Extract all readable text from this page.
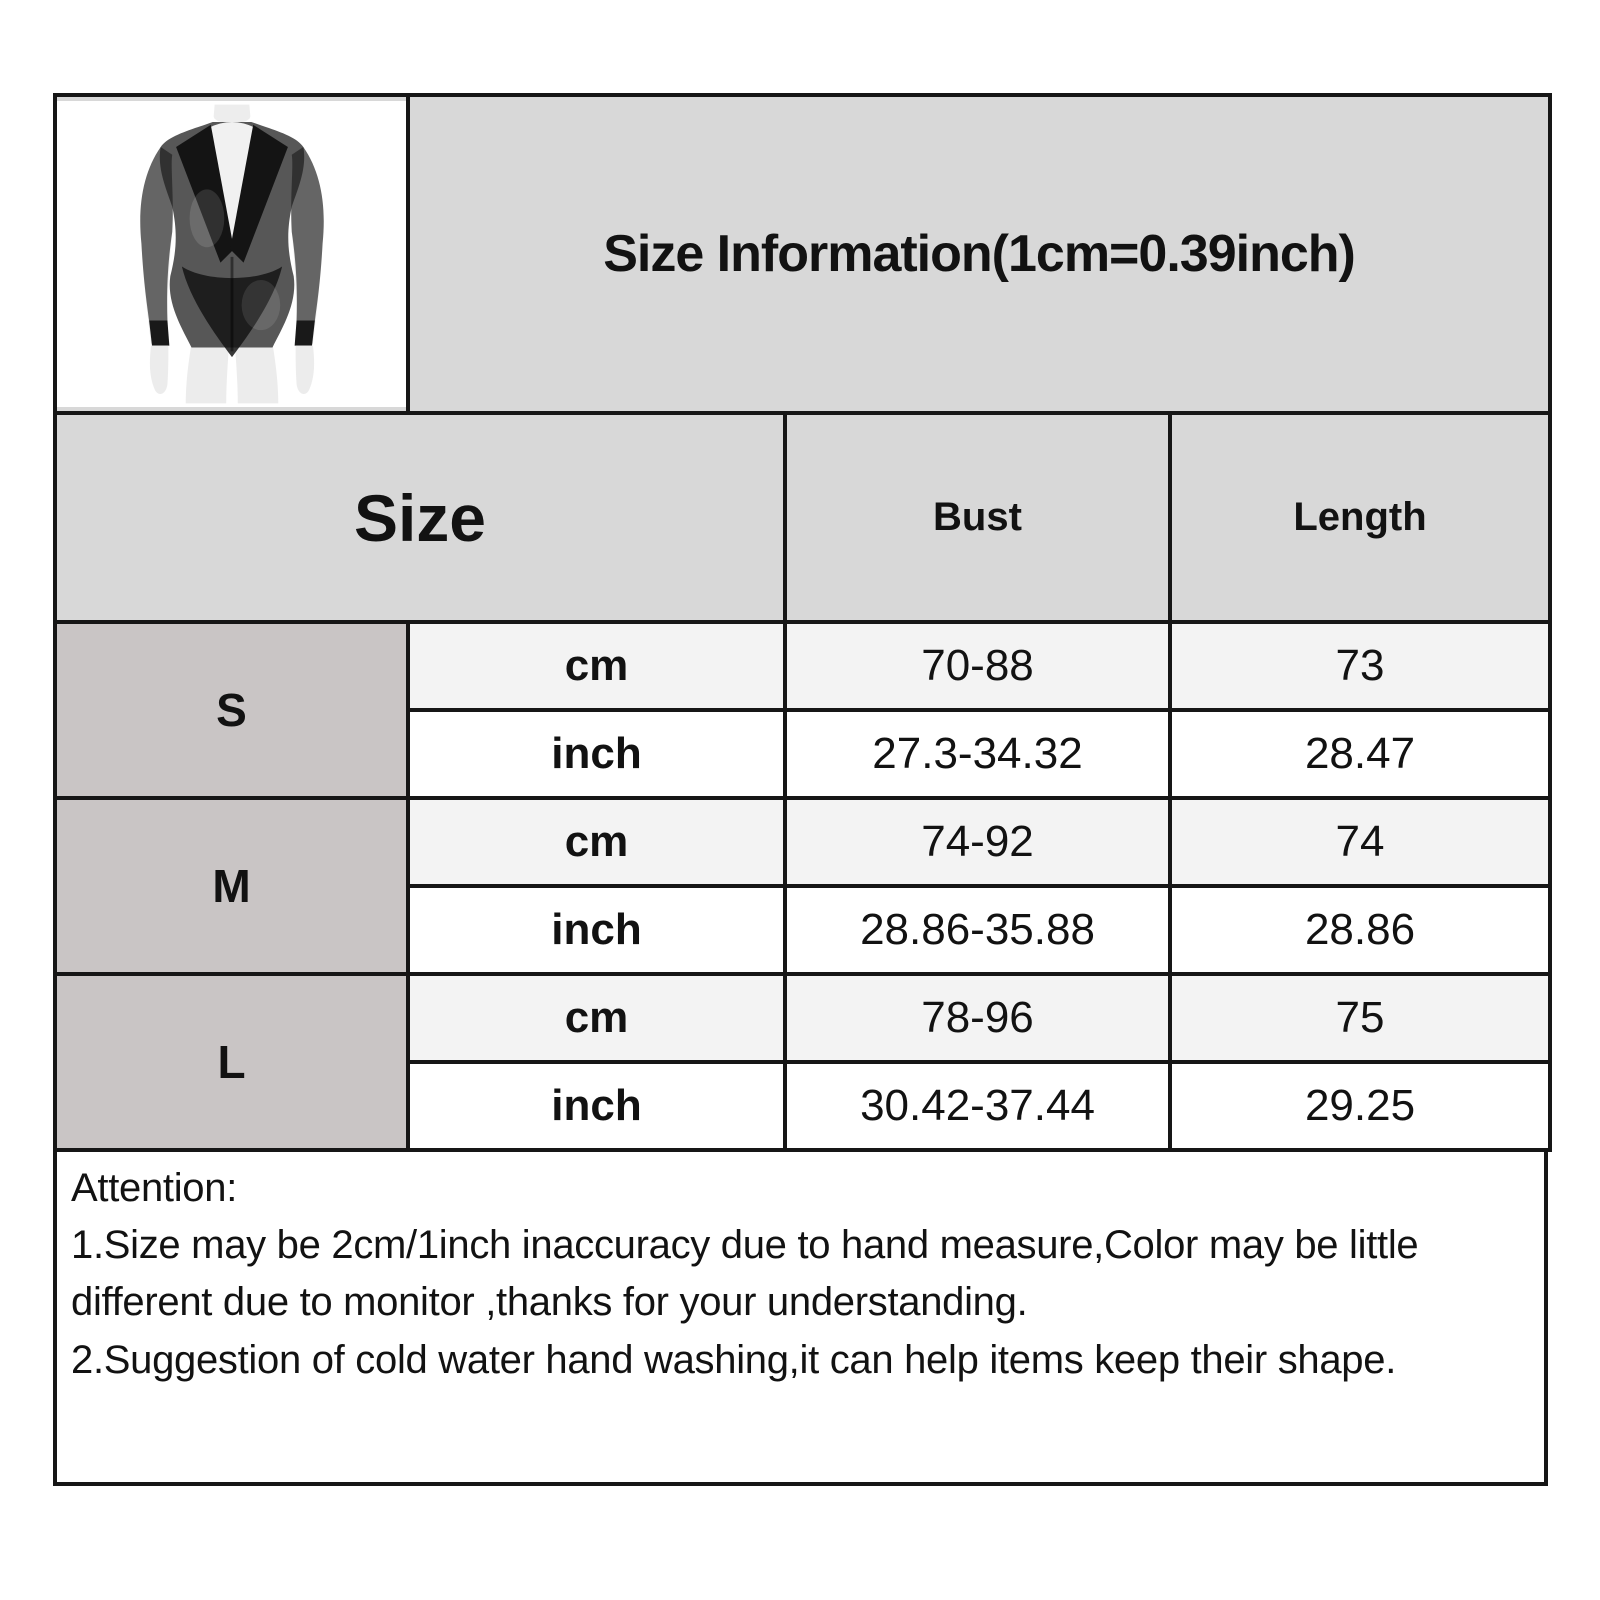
	Size Information(1cm=0.39inch)		
Size		Bust	Length
S	cm	70-88	73
	inch	27.3-34.32	28.47
M	cm	74-92	74
	inch	28.86-35.88	28.86
L	cm	78-96	75
	inch	30.42-37.44	29.25

Attention:

1.Size may be 2cm/1inch inaccuracy due to hand measure,Color may be little different due to monitor ,thanks for your understanding.

2.Suggestion of cold water hand washing,it can help items keep their shape.
